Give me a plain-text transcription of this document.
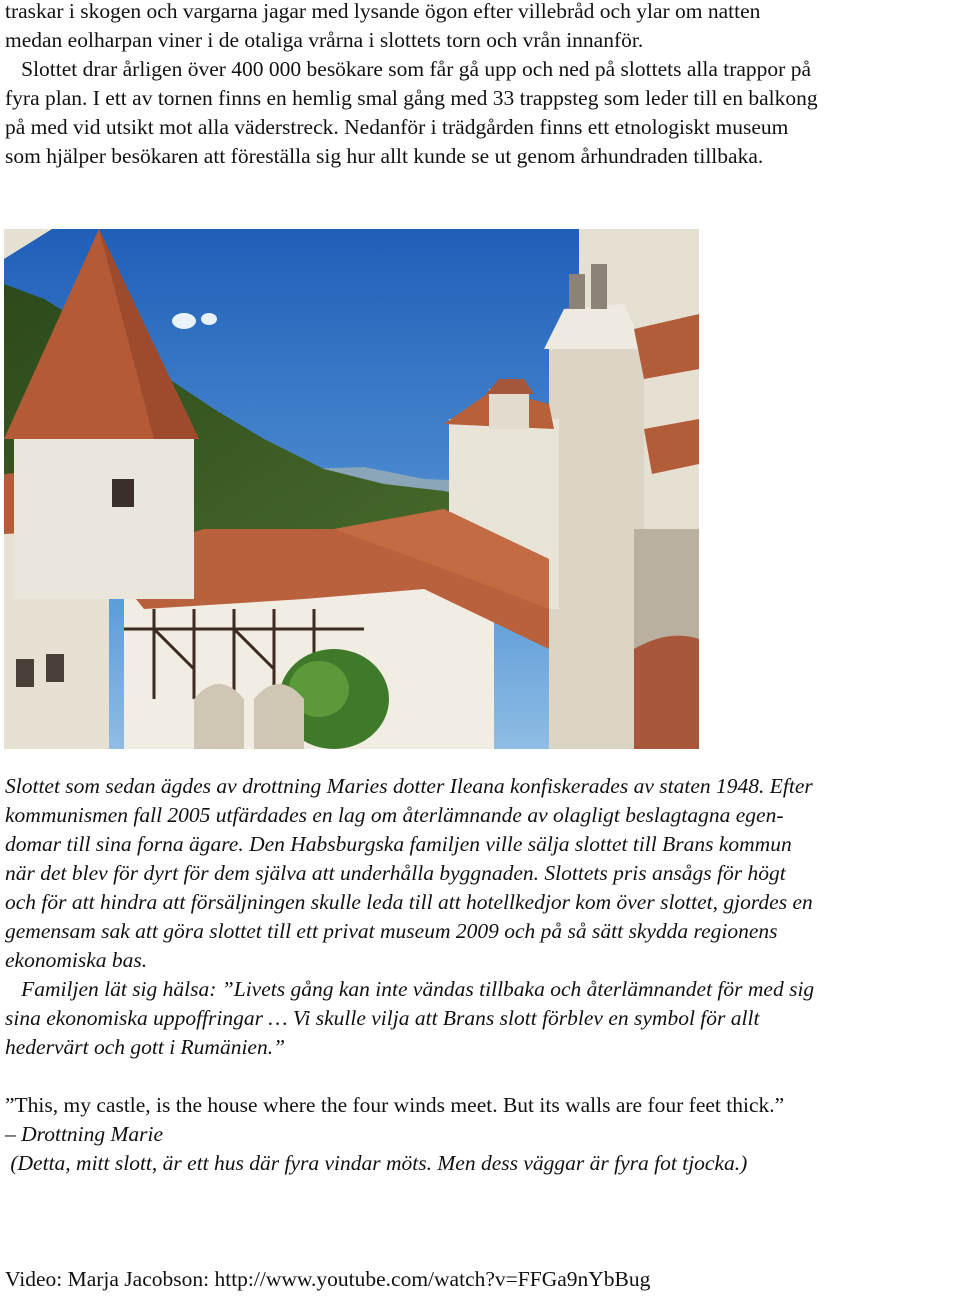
traskar i skogen och vargarna jagar med lysande ögon efter villebråd och ylar om natten
medan eolharpan viner i de otaliga vrårna i slottets torn och vrån innanför.
Slottet drar årligen över 400 000 besökare som får gå upp och ned på slottets alla trappor på
fyra plan. I ett av tornen finns en hemlig smal gång med 33 trappsteg som leder till en balkong
på med vid utsikt mot alla väderstreck. Nedanför i trädgården finns ett etnologiskt museum
som hjälper besökaren att föreställa sig hur allt kunde se ut genom århundraden tillbaka.
Slottet som sedan ägdes av drottning Maries dotter Ileana konfiskerades av staten 1948. Efter
kommunismen fall 2005 utfärdades en lag om återlämnande av olagligt beslagtagna egen-
domar till sina forna ägare. Den Habsburgska familjen ville sälja slottet till Brans kommun
när det blev för dyrt för dem själva att underhålla byggnaden. Slottets pris ansågs för högt
och för att hindra att försäljningen skulle leda till att hotellkedjor kom över slottet, gjordes en
gemensam sak att göra slottet till ett privat museum 2009 och på så sätt skydda regionens
ekonomiska bas.
Familjen lät sig hälsa: ”Livets gång kan inte vändas tillbaka och återlämnandet för med sig
sina ekonomiska uppoffringar … Vi skulle vilja att Brans slott förblev en symbol för allt
hedervärt och gott i Rumänien.”
”This, my castle, is the house where the four winds meet. But its walls are four feet thick.”
– Drottning Marie
(Detta, mitt slott, är ett hus där fyra vindar möts. Men dess väggar är fyra fot tjocka.)
Video: Marja Jacobson: http://www.youtube.com/watch?v=FFGa9nYbBug
